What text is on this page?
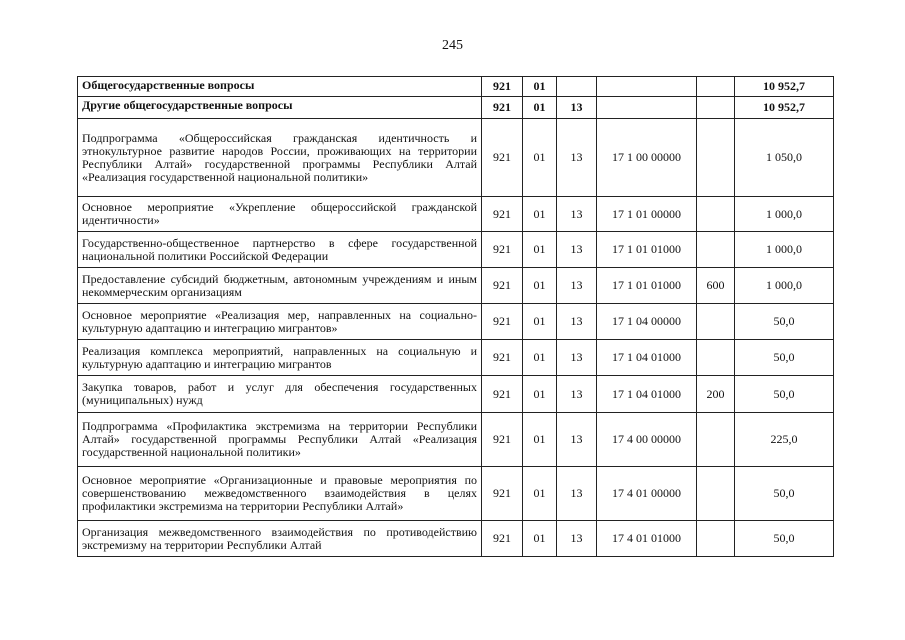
245
Общегосударственные вопросы	921	01				10 952,7
Другие общегосударственные вопросы	921	01	13			10 952,7
Подпрограмма «Общероссийская гражданская идентичность и этнокультурное развитие народов России, проживающих на территории Республики Алтай» государственной программы Республики Алтай «Реализация государственной национальной политики»	921	01	13	17 1 00 00000		1 050,0
Основное мероприятие «Укрепление общероссийской гражданской идентичности»	921	01	13	17 1 01 00000		1 000,0
Государственно-общественное партнерство в сфере государственной национальной политики Российской Федерации	921	01	13	17 1 01 01000		1 000,0
Предоставление субсидий бюджетным, автономным учреждениям и иным некоммерческим организациям	921	01	13	17 1 01 01000	600	1 000,0
Основное мероприятие «Реализация мер, направленных на социально-культурную адаптацию и интеграцию мигрантов»	921	01	13	17 1 04 00000		50,0
Реализация комплекса мероприятий, направленных на социальную и культурную адаптацию и интеграцию мигрантов	921	01	13	17 1 04 01000		50,0
Закупка товаров, работ и услуг для обеспечения государственных (муниципальных) нужд	921	01	13	17 1 04 01000	200	50,0
Подпрограмма «Профилактика экстремизма на территории Республики Алтай» государственной программы Республики Алтай «Реализация государственной национальной политики»	921	01	13	17 4 00 00000		225,0
Основное мероприятие «Организационные и правовые мероприятия по совершенствованию межведомственного взаимодействия в целях профилактики экстремизма на территории Республики Алтай»	921	01	13	17 4 01 00000		50,0
Организация межведомственного взаимодействия по противодействию экстремизму на территории Республики Алтай	921	01	13	17 4 01 01000		50,0
